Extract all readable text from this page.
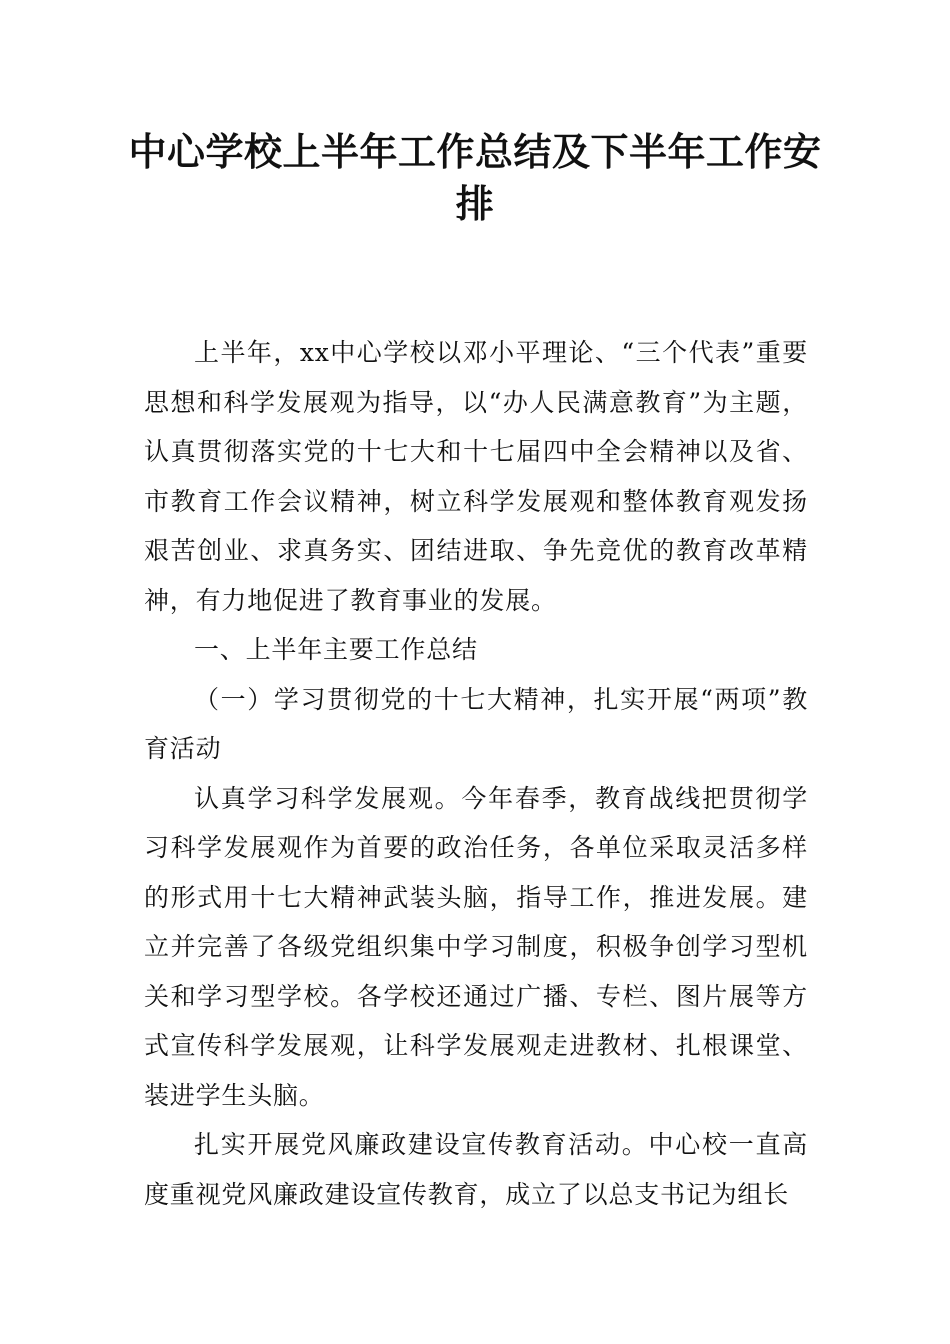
中心学校上半年工作总结及下半年工作安排

上半年，xx中心学校以邓小平理论、“三个代表”重要思想和科学发展观为指导，以“办人民满意教育”为主题，认真贯彻落实党的十七大和十七届四中全会精神以及省、市教育工作会议精神，树立科学发展观和整体教育观发扬艰苦创业、求真务实、团结进取、争先竞优的教育改革精神，有力地促进了教育事业的发展。

一、上半年主要工作总结

（一）学习贯彻党的十七大精神，扎实开展“两项”教育活动

认真学习科学发展观。今年春季，教育战线把贯彻学习科学发展观作为首要的政治任务，各单位采取灵活多样的形式用十七大精神武装头脑，指导工作，推进发展。建立并完善了各级党组织集中学习制度，积极争创学习型机关和学习型学校。各学校还通过广播、专栏、图片展等方式宣传科学发展观，让科学发展观走进教材、扎根课堂、装进学生头脑。

扎实开展党风廉政建设宣传教育活动。中心校一直高度重视党风廉政建设宣传教育，成立了以总支书记为组长
